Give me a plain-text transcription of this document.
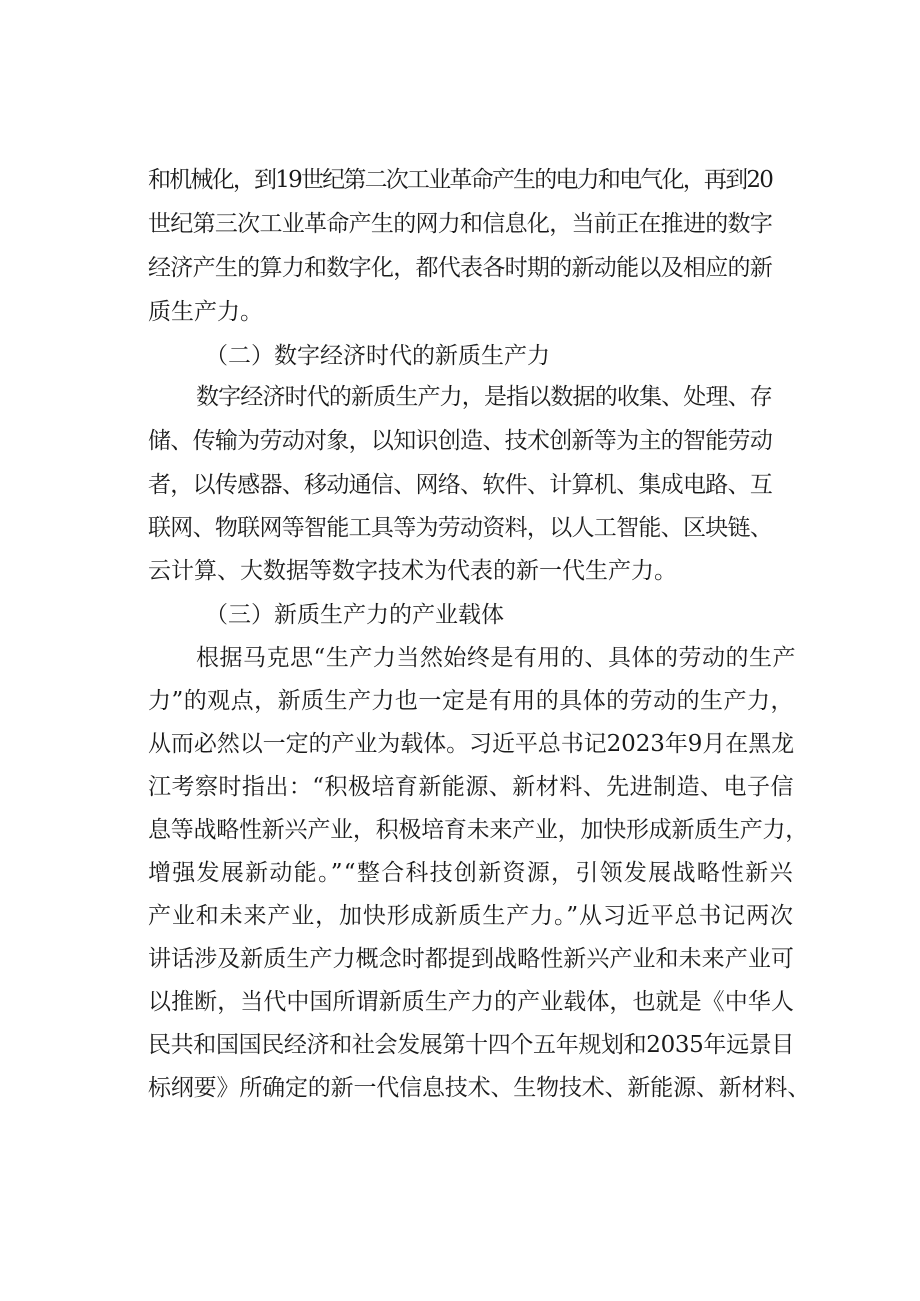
和机械化，到19世纪第二次工业革命产生的电力和电气化，再到20
世纪第三次工业革命产生的网力和信息化，当前正在推进的数字
经济产生的算力和数字化，都代表各时期的新动能以及相应的新
质生产力。
（二）数字经济时代的新质生产力
数字经济时代的新质生产力，是指以数据的收集、处理、存
储、传输为劳动对象，以知识创造、技术创新等为主的智能劳动
者，以传感器、移动通信、网络、软件、计算机、集成电路、互
联网、物联网等智能工具等为劳动资料，以人工智能、区块链、
云计算、大数据等数字技术为代表的新一代生产力。
（三）新质生产力的产业载体
根据马克思“生产力当然始终是有用的、具体的劳动的生产
力”的观点，新质生产力也一定是有用的具体的劳动的生产力，
从而必然以一定的产业为载体。习近平总书记2023年9月在黑龙
江考察时指出：“积极培育新能源、新材料、先进制造、电子信
息等战略性新兴产业，积极培育未来产业，加快形成新质生产力，
增强发展新动能。”“整合科技创新资源，引领发展战略性新兴
产业和未来产业，加快形成新质生产力。”从习近平总书记两次
讲话涉及新质生产力概念时都提到战略性新兴产业和未来产业可
以推断，当代中国所谓新质生产力的产业载体，也就是《中华人
民共和国国民经济和社会发展第十四个五年规划和2035年远景目
标纲要》所确定的新一代信息技术、生物技术、新能源、新材料、
